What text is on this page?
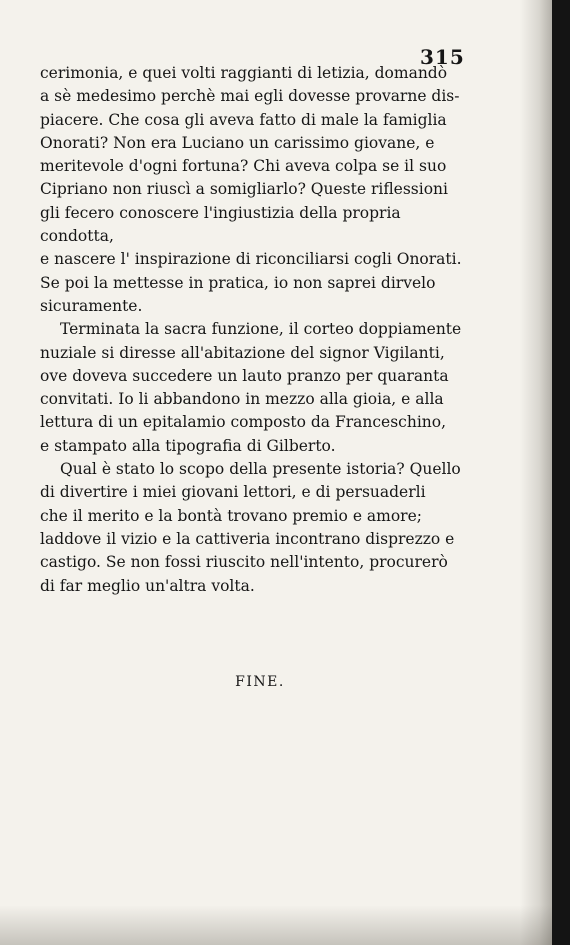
315

cerimonia, e quei volti raggianti di letizia, domandò
a sè medesimo perchè mai egli dovesse provarne dis-
piacere. Che cosa gli aveva fatto di male la famiglia
Onorati? Non era Luciano un carissimo giovane, e
meritevole d'ogni fortuna? Chi aveva colpa se il suo
Cipriano non riuscì a somigliarlo? Queste riflessioni
gli fecero conoscere l'ingiustizia della propria condotta,
e nascere l' inspirazione di riconciliarsi cogli Onorati.
Se poi la mettesse in pratica, io non saprei dirvelo
sicuramente.

Terminata la sacra funzione, il corteo doppiamente
nuziale si diresse all'abitazione del signor Vigilanti,
ove doveva succedere un lauto pranzo per quaranta
convitati. Io li abbandono in mezzo alla gioia, e alla
lettura di un epitalamio composto da Franceschino,
e stampato alla tipografia di Gilberto.

Qual è stato lo scopo della presente istoria? Quello
di divertire i miei giovani lettori, e di persuaderli
che il merito e la bontà trovano premio e amore;
laddove il vizio e la cattiveria incontrano disprezzo e
castigo. Se non fossi riuscito nell'intento, procurerò
di far meglio un'altra volta.

FINE.
